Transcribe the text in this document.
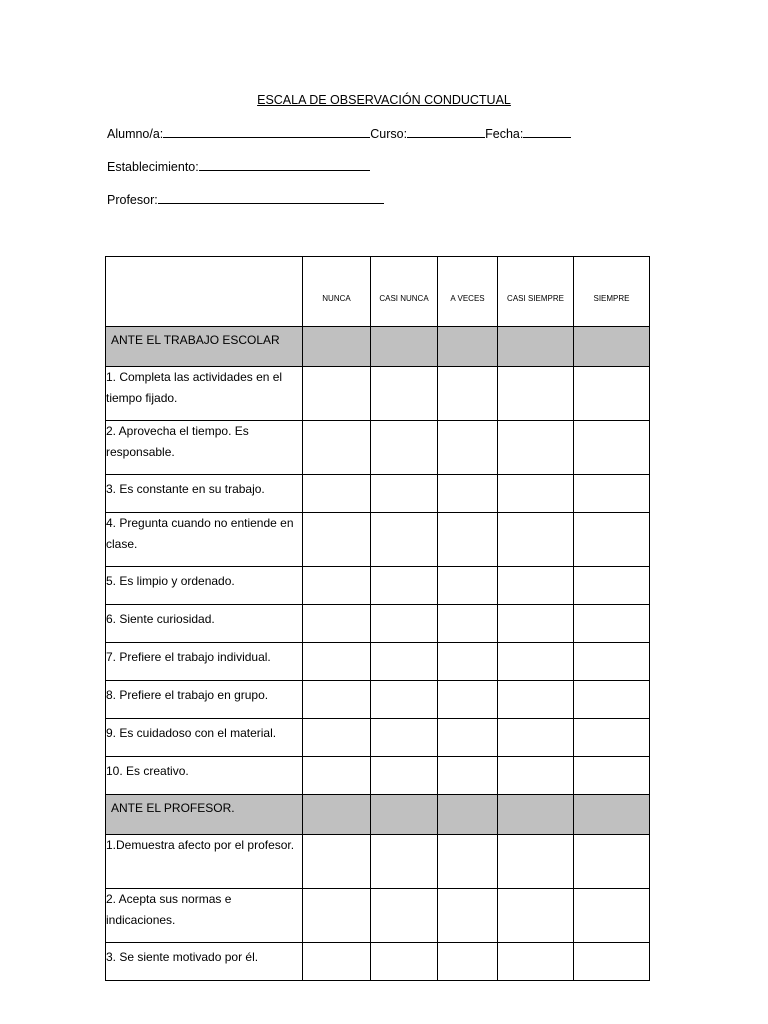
ESCALA DE OBSERVACIÓN CONDUCTUAL
Alumno/a:	Curso:	Fecha:
Establecimiento:
Profesor:
	NUNCA	CASI NUNCA	A VECES	CASI SIEMPRE	SIEMPRE
ANTE EL TRABAJO ESCOLAR					
1. Completa las actividades en el tiempo fijado.					
2. Aprovecha el tiempo. Es responsable.					
3. Es constante en su trabajo.					
4. Pregunta cuando no entiende en clase.					
5. Es limpio y ordenado.					
6. Siente curiosidad.					
7. Prefiere el trabajo individual.					
8. Prefiere el trabajo en grupo.					
9. Es cuidadoso con el material.					
10. Es creativo.					
ANTE EL PROFESOR.					
1.Demuestra afecto por el profesor.					
2. Acepta sus normas e indicaciones.					
3. Se siente motivado por él.					
